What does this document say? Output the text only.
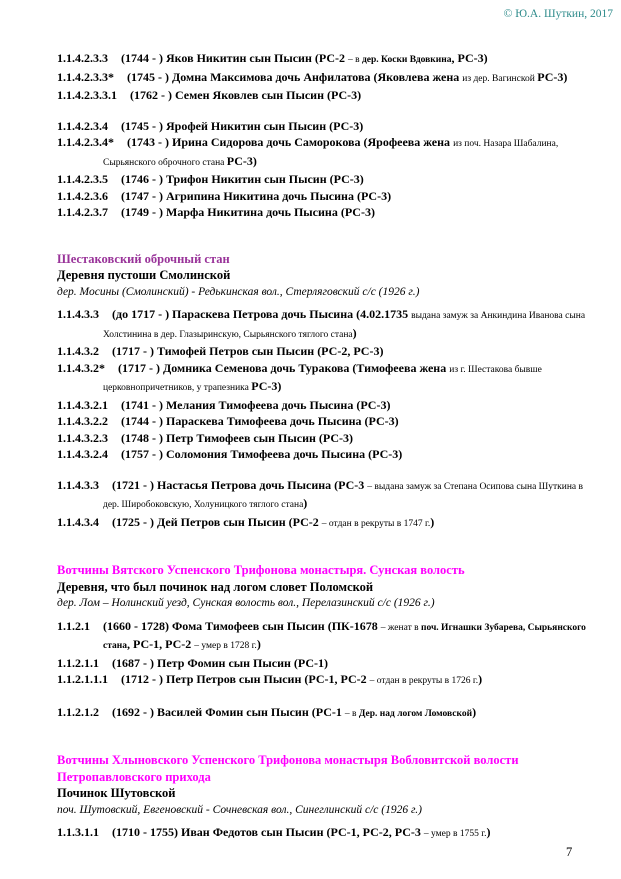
© Ю.А. Шуткин, 2017
1.1.4.2.3.3 (1744 - ) Яков Никитин сын Пысин (РС-2 – в дер. Коски Вдовкина, РС-3)
1.1.4.2.3.3* (1745 - ) Домна Максимова дочь Анфилатова (Яковлева жена из дер. Вагинской РС-3)
1.1.4.2.3.3.1 (1762 - ) Семен Яковлев сын Пысин (РС-3)
1.1.4.2.3.4 (1745 - ) Ярофей Никитин сын Пысин (РС-3)
1.1.4.2.3.4* (1743 - ) Ирина Сидорова дочь Саморокова (Ярофеева жена из поч. Назара Шабалина, Сырьянского оброчного стана РС-3)
1.1.4.2.3.5 (1746 - ) Трифон Никитин сын Пысин (РС-3)
1.1.4.2.3.6 (1747 - ) Агрипина Никитина дочь Пысина (РС-3)
1.1.4.2.3.7 (1749 - ) Марфа Никитина дочь Пысина (РС-3)
Шестаковский оброчный стан
Деревня пустоши Смолинской
дер. Мосины (Смолинский) - Редькинская вол., Стерляговский с/с (1926 г.)
1.1.4.3.3 (до 1717 - ) Параскева Петрова дочь Пысина (4.02.1735 выдана замуж за Анкиндина Иванова сына Холстинина в дер. Глазыринскую, Сырьянского тяглого стана)
1.1.4.3.2 (1717 - ) Тимофей Петров сын Пысин (РС-2, РС-3)
1.1.4.3.2* (1717 - ) Домника Семенова дочь Туракова (Тимофеева жена из г. Шестакова бывше церковнопричетников, у трапезника РС-3)
1.1.4.3.2.1 (1741 - ) Мелания Тимофеева дочь Пысина (РС-3)
1.1.4.3.2.2 (1744 - ) Параскева Тимофеева дочь Пысина (РС-3)
1.1.4.3.2.3 (1748 - ) Петр Тимофеев сын Пысин (РС-3)
1.1.4.3.2.4 (1757 - ) Соломония Тимофеева дочь Пысина (РС-3)
1.1.4.3.3 (1721 - ) Настасья Петрова дочь Пысина (РС-3 – выдана замуж за Степана Осипова сына Шуткина в дер. Широбоковскую, Холуницкого тяглого стана)
1.1.4.3.4 (1725 - ) Дей Петров сын Пысин (РС-2 – отдан в рекруты в 1747 г.)
Вотчины Вятского Успенского Трифонова монастыря. Сунская волость
Деревня, что был починок над логом словет Поломской
дер. Лом – Нолинский уезд, Сунская волость вол., Перелазинский с/с (1926 г.)
1.1.2.1 (1660 - 1728) Фома Тимофеев сын Пысин (ПК-1678 – женат в поч. Игнашки Зубарева, Сырьянского стана, РС-1, РС-2 – умер в 1728 г.)
1.1.2.1.1 (1687 - ) Петр Фомин сын Пысин (РС-1)
1.1.2.1.1.1 (1712 - ) Петр Петров сын Пысин (РС-1, РС-2 – отдан в рекруты в 1726 г.)
1.1.2.1.2 (1692 - ) Василей Фомин сын Пысин (РС-1 – в Дер. над логом Ломовской)
Вотчины Хлыновского Успенского Трифонова монастыря Вобловитской волости Петропавловского прихода
Починок Шутовской
поч. Шутовский, Евгеновский - Сочневская вол., Синеглинский с/с (1926 г.)
1.1.3.1.1 (1710 - 1755) Иван Федотов сын Пысин (РС-1, РС-2, РС-3 – умер в 1755 г.)
7
